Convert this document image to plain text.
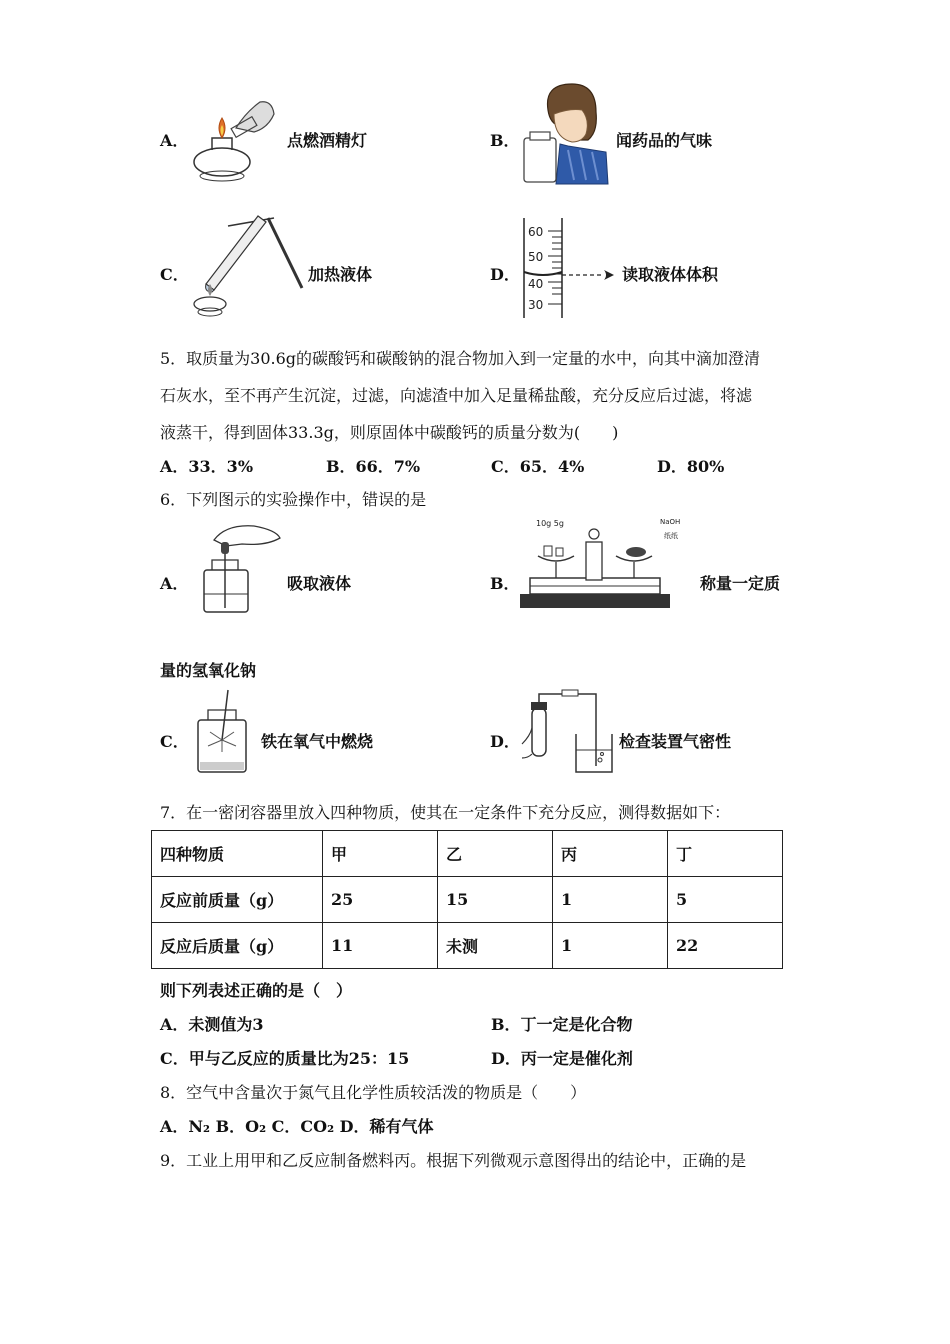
A．	点燃酒精灯	B．	闻药品的气味
C．	加热液体	D．
60
50
40
30
读取液体体积
5．取质量为30.6g的碳酸钙和碳酸钠的混合物加入到一定量的水中，向其中滴加澄清
石灰水，至不再产生沉淀，过滤，向滤渣中加入足量稀盐酸，充分反应后过滤，将滤
液蒸干，得到固体33.3g，则原固体中碳酸钙的质量分数为(　　)
A．33．3%	B．66．7%	C．65．4%	D．80%
6．下列图示的实验操作中，错误的是
A．	吸取液体	B．
10g 5g	NaOH
纸纸
称量一定质
量的氢氧化钠
C．	铁在氧气中燃烧	D．	检查装置气密性
7．在一密闭容器里放入四种物质，使其在一定条件下充分反应，测得数据如下：
四种物质	甲	乙	丙	丁
反应前质量（g）	25	15	1	5
反应后质量（g）	11	未测	1	22
则下列表述正确的是（　）
A．未测值为3	B．丁一定是化合物
C．甲与乙反应的质量比为25：15	D．丙一定是催化剂
8．空气中含量次于氮气且化学性质较活泼的物质是（　　）
A．N₂ B．O₂ C．CO₂ D．稀有气体
9．工业上用甲和乙反应制备燃料丙。根据下列微观示意图得出的结论中，正确的是
